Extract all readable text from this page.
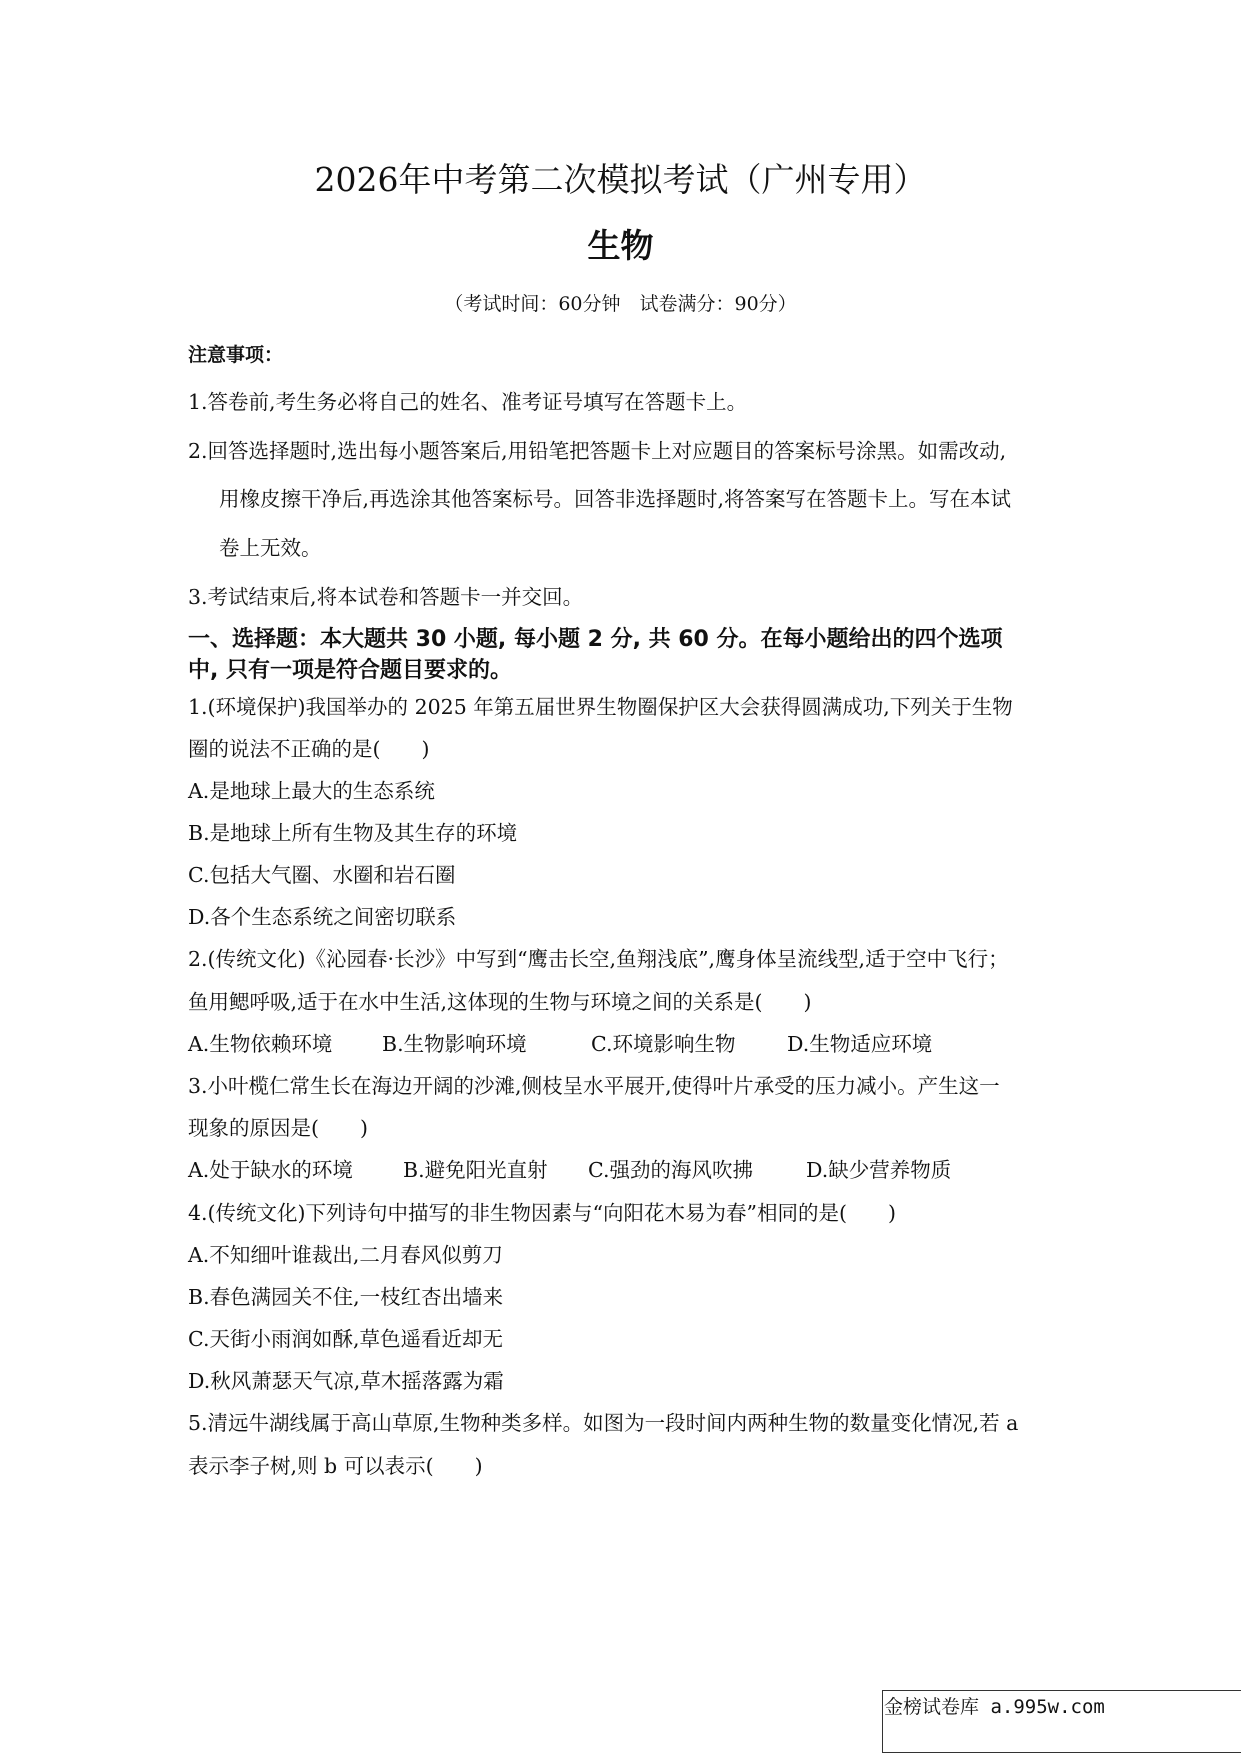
2026年中考第二次模拟考试（广州专用）
生物
（考试时间：60分钟　试卷满分：90分）
注意事项：
1.答卷前,考生务必将自己的姓名、准考证号填写在答题卡上。
2.回答选择题时,选出每小题答案后,用铅笔把答题卡上对应题目的答案标号涂黑。如需改动,
用橡皮擦干净后,再选涂其他答案标号。回答非选择题时,将答案写在答题卡上。写在本试
卷上无效。
3.考试结束后,将本试卷和答题卡一并交回。
一、选择题：本大题共 30 小题, 每小题 2 分, 共 60 分。在每小题给出的四个选项
中, 只有一项是符合题目要求的。
1.(环境保护)我国举办的 2025 年第五届世界生物圈保护区大会获得圆满成功,下列关于生物
圈的说法不正确的是(　　)
A.是地球上最大的生态系统
B.是地球上所有生物及其生存的环境
C.包括大气圈、水圈和岩石圈
D.各个生态系统之间密切联系
2.(传统文化)《沁园春·长沙》中写到“鹰击长空,鱼翔浅底”,鹰身体呈流线型,适于空中飞行；
鱼用鳃呼吸,适于在水中生活,这体现的生物与环境之间的关系是(　　)
A.生物依赖环境 B.生物影响环境	C.环境影响生物	D.生物适应环境
3.小叶榄仁常生长在海边开阔的沙滩,侧枝呈水平展开,使得叶片承受的压力减小。产生这一
现象的原因是(　　)
A.处于缺水的环境 B.避免阳光直射 C.强劲的海风吹拂	D.缺少营养物质
4.(传统文化)下列诗句中描写的非生物因素与“向阳花木易为春”相同的是(　　)
A.不知细叶谁裁出,二月春风似剪刀
B.春色满园关不住,一枝红杏出墙来
C.天街小雨润如酥,草色遥看近却无
D.秋风萧瑟天气凉,草木摇落露为霜
5.清远牛湖线属于高山草原,生物种类多样。如图为一段时间内两种生物的数量变化情况,若 a
表示李子树,则 b 可以表示(　　)
金榜试卷库 a.995w.com
